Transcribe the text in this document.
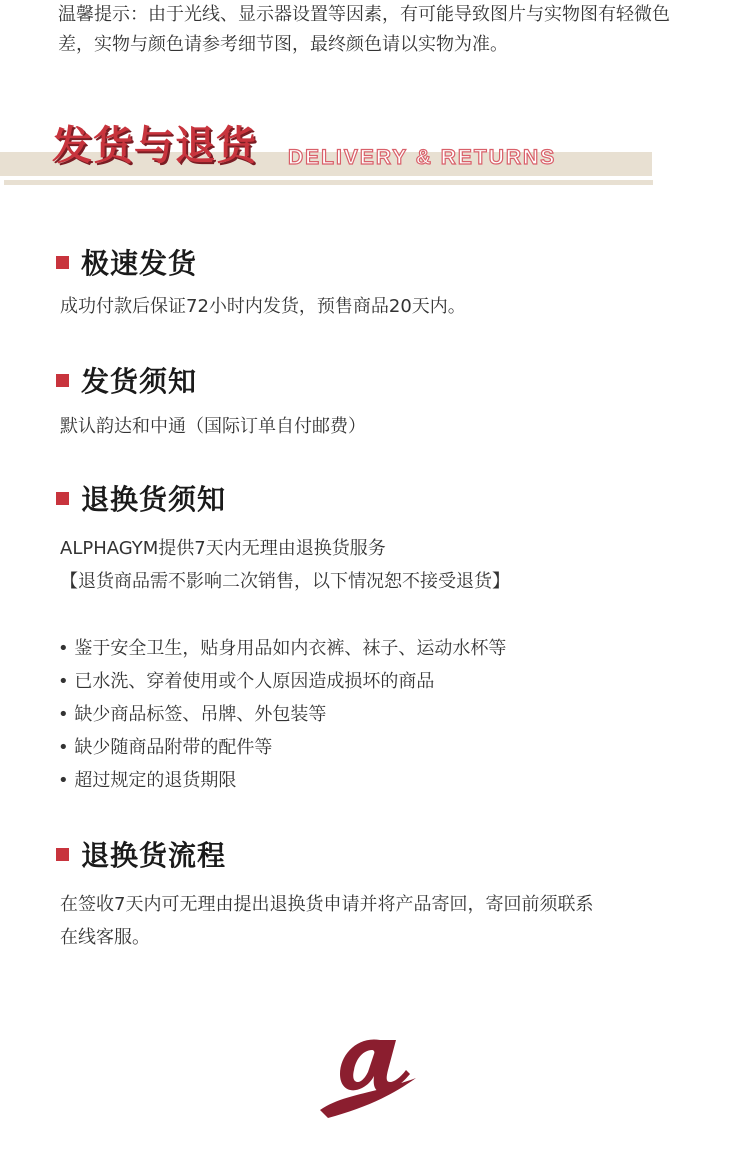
温馨提示：由于光线、显示器设置等因素，有可能导致图片与实物图有轻微色
差，实物与颜色请参考细节图，最终颜色请以实物为准。
发货与退货 DELIVERY & RETURNS
极速发货
成功付款后保证72小时内发货，预售商品20天内。
发货须知
默认韵达和中通（国际订单自付邮费）
退换货须知
ALPHAGYM提供7天内无理由退换货服务
【退货商品需不影响二次销售，以下情况恕不接受退货】
• 鉴于安全卫生，贴身用品如内衣裤、袜子、运动水杯等
• 已水洗、穿着使用或个人原因造成损坏的商品
• 缺少商品标签、吊牌、外包装等
• 缺少随商品附带的配件等
• 超过规定的退货期限
退换货流程
在签收7天内可无理由提出退换货申请并将产品寄回，寄回前须联系
在线客服。
